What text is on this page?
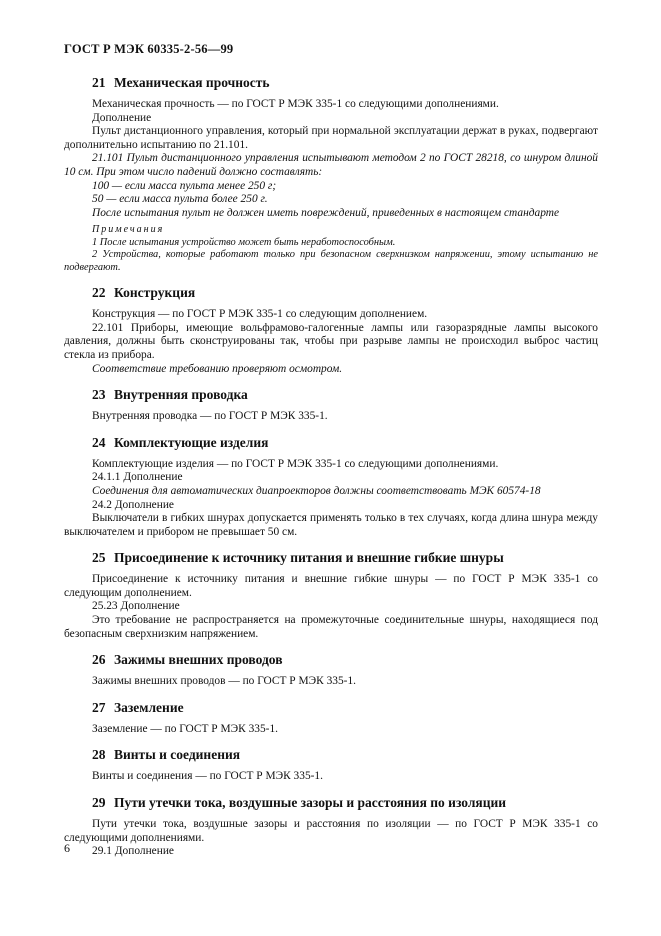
ГОСТ Р МЭК 60335-2-56—99
21 Механическая прочность
Механическая прочность — по ГОСТ Р МЭК 335-1 со следующими дополнениями.
Дополнение
Пульт дистанционного управления, который при нормальной эксплуатации держат в руках, подвергают дополнительно испытанию по 21.101.
21.101 Пульт дистанционного управления испытывают методом 2 по ГОСТ 28218, со шнуром длиной 10 см. При этом число падений должно составлять:
100 — если масса пульта менее 250 г;
50 — если масса пульта более 250 г.
После испытания пульт не должен иметь повреждений, приведенных в настоящем стандарте
Примечания
1 После испытания устройство может быть неработоспособным.
2 Устройства, которые работают только при безопасном сверхнизком напряжении, этому испытанию не подвергают.
22 Конструкция
Конструкция — по ГОСТ Р МЭК 335-1 со следующим дополнением.
22.101 Приборы, имеющие вольфрамово-галогенные лампы или газоразрядные лампы высокого давления, должны быть сконструированы так, чтобы при разрыве лампы не происходил выброс частиц стекла из прибора.
Соответствие требованию проверяют осмотром.
23 Внутренняя проводка
Внутренняя проводка — по ГОСТ Р МЭК 335-1.
24 Комплектующие изделия
Комплектующие изделия — по ГОСТ Р МЭК 335-1 со следующими дополнениями.
24.1.1 Дополнение
Соединения для автоматических диапроекторов должны соответствовать МЭК 60574-18
24.2 Дополнение
Выключатели в гибких шнурах допускается применять только в тех случаях, когда длина шнура между выключателем и прибором не превышает 50 см.
25 Присоединение к источнику питания и внешние гибкие шнуры
Присоединение к источнику питания и внешние гибкие шнуры — по ГОСТ Р МЭК 335-1 со следующим дополнением.
25.23 Дополнение
Это требование не распространяется на промежуточные соединительные шнуры, находящиеся под безопасным сверхнизким напряжением.
26 Зажимы внешних проводов
Зажимы внешних проводов — по ГОСТ Р МЭК 335-1.
27 Заземление
Заземление — по ГОСТ Р МЭК 335-1.
28 Винты и соединения
Винты и соединения — по ГОСТ Р МЭК 335-1.
29 Пути утечки тока, воздушные зазоры и расстояния по изоляции
Пути утечки тока, воздушные зазоры и расстояния по изоляции — по ГОСТ Р МЭК 335-1 со следующими дополнениями.
29.1 Дополнение
6
